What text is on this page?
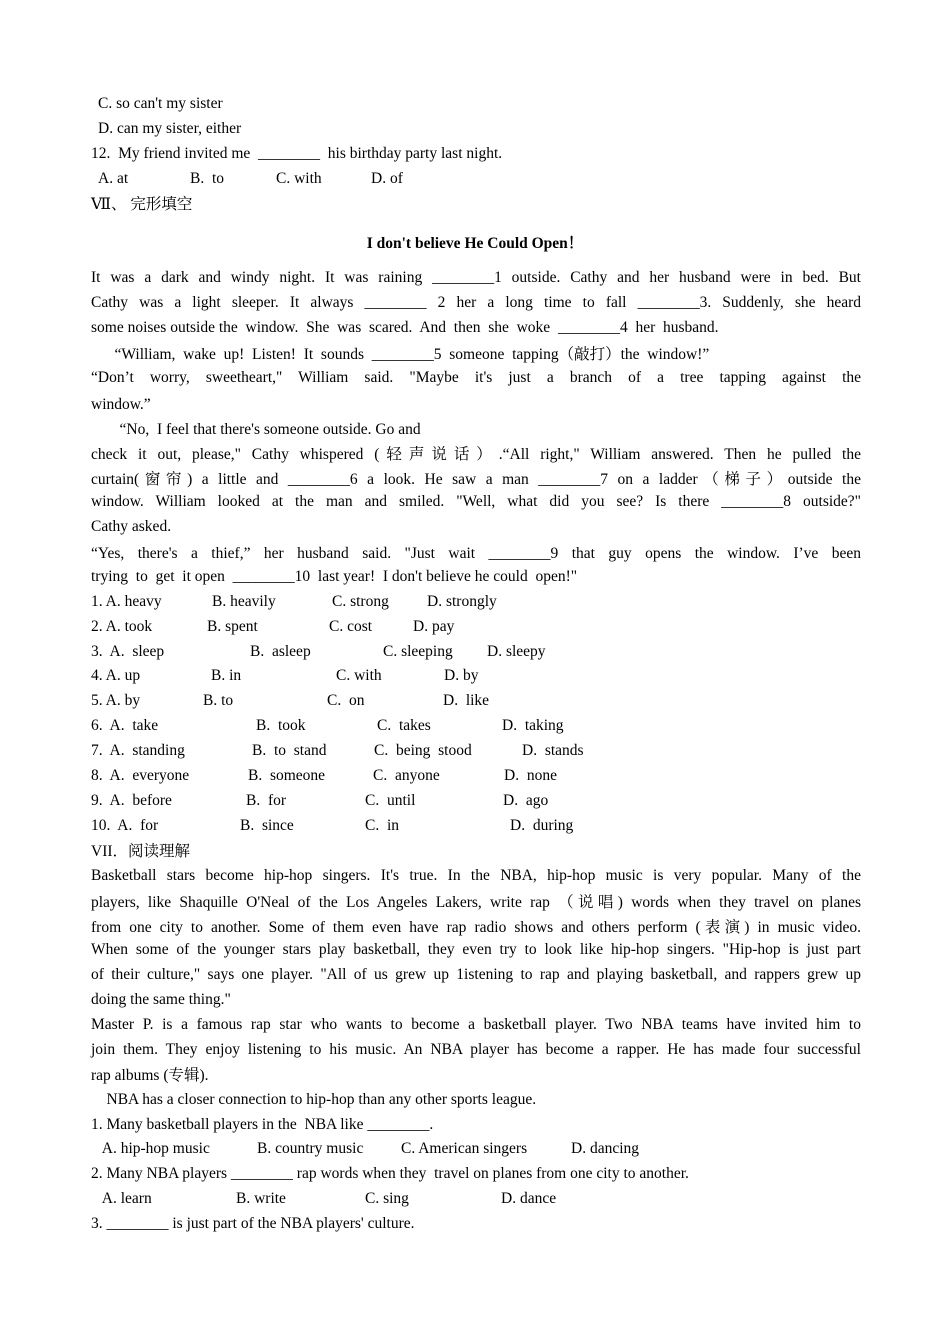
C. so can't my sister
D. can my sister, either
12.  My friend invited me  ________  his birthday party last night.
A. at	B.  to	C. with	D. of
Ⅶ、 完形填空
I don't believe He Could Open！
It was a dark and windy night. It was raining ________1 outside. Cathy and her husband were in bed. But
Cathy was a light sleeper. It always ________ 2 her a long time to fall ________3. Suddenly, she heard
some noises outside the  window.  She  was  scared.  And  then  she  woke  ________4  her  husband.
“William,  wake  up!  Listen!  It  sounds  ________5  someone  tapping（敲打）the  window!”
“Don’t worry, sweetheart," William said. "Maybe it's just a branch of a tree tapping against the
window.”
“No,  I feel that there's someone outside. Go and
check it out, please," Cathy whispered (轻声说话）.“All right," William answered. Then he pulled the
curtain(窗帘) a little and ________6 a look. He saw a man ________7 on a ladder（梯子）outside the
window. William looked at the man and smiled. "Well, what did you see? Is there ________8 outside?"
Cathy asked.
“Yes, there's a thief,” her husband said. "Just wait ________9 that guy opens the window. I’ve been
trying  to  get  it open  ________10  last year!  I don't believe he could  open!"
1. A. heavy	B. heavily	C. strong D. strongly
2. A. took	B. spent	C. cost	D. pay
3.  A.  sleep	B.  asleep	C. sleeping D. sleepy
4. A. up	B. in	C. with	D. by
5. A. by	B. to	C.  on	D.  like
6.  A.  take	B.  took	C.  takes	D.  taking
7.  A.  standing	B.  to  stand	C.  being  stood	D.  stands
8.  A.  everyone	B.  someone	C.  anyone	D.  none
9.  A.  before	B.  for	C.  until	D.  ago
10.  A.  for	B.  since	C.  in	D.  during
VII．阅读理解
Basketball stars become hip-hop singers. It's true. In the NBA, hip-hop music is very popular. Many of the
players, like Shaquille O'Neal of the Los Angeles Lakers, write rap （说唱) words when they travel on planes
from one city to another. Some of them even have rap radio shows and others perform (表演) in music video.
When some of the younger stars play basketball, they even try to look like hip-hop singers. "Hip-hop is just part
of their culture," says one player. "All of us grew up 1istening to rap and playing basketball, and rappers grew up
doing the same thing."
Master P. is a famous rap star who wants to become a basketball player. Two NBA teams have invited him to
join them. They enjoy listening to his music. An NBA player has become a rapper. He has made four successful
rap albums (专辑).
NBA has a closer connection to hip-hop than any other sports league.
1. Many basketball players in the  NBA like ________.
A. hip-hop music	B. country music C. American singers	D. dancing
2. Many NBA players ________ rap words when they  travel on planes from one city to another.
A. learn	B. write	C. sing	D. dance
3. ________ is just part of the NBA players' culture.
